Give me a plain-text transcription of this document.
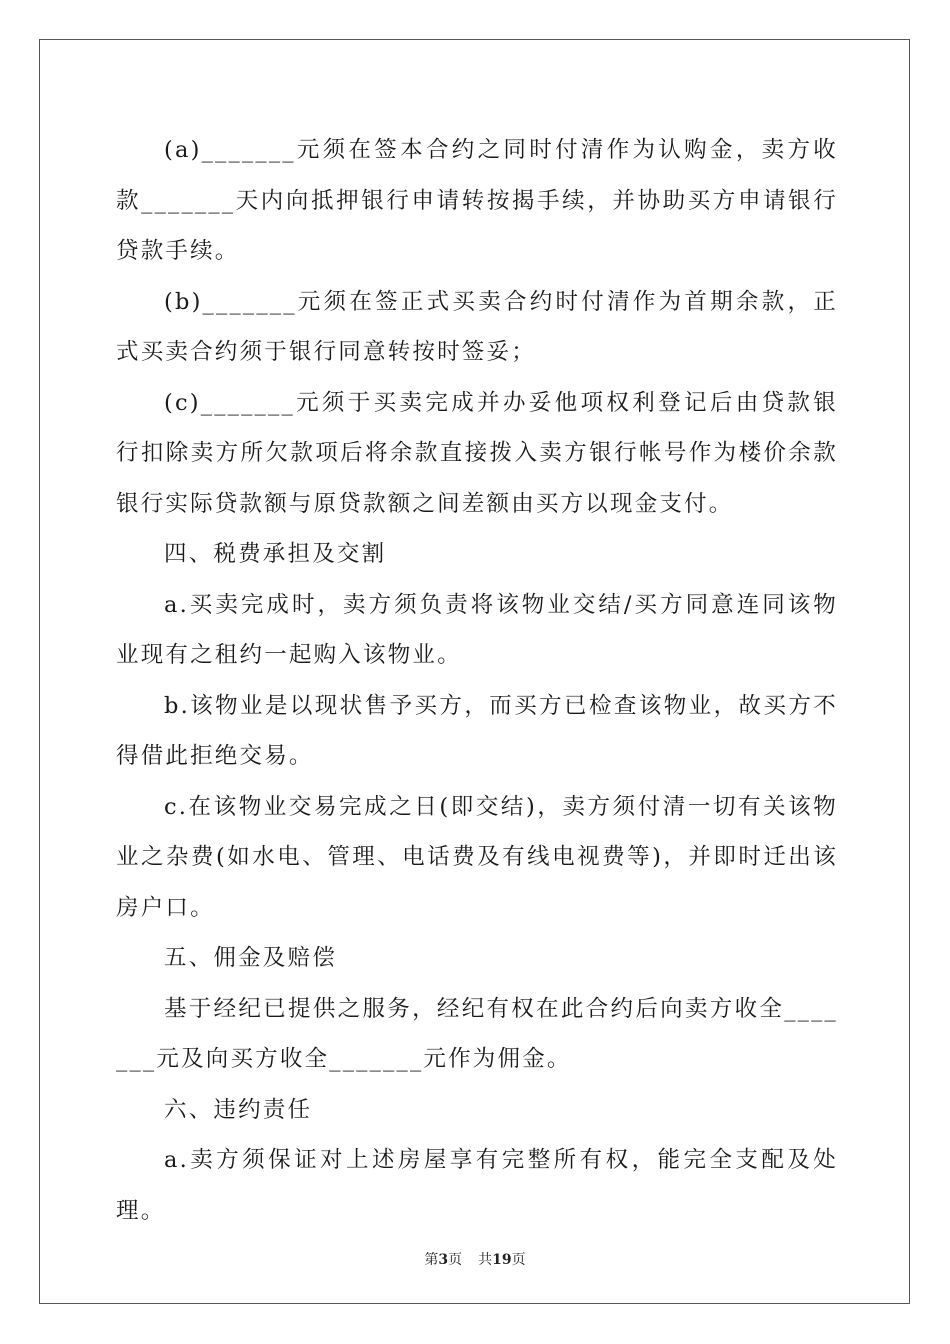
(a)_______元须在签本合约之同时付清作为认购金，卖方收款_______天内向抵押银行申请转按揭手续，并协助买方申请银行贷款手续。

(b)_______元须在签正式买卖合约时付清作为首期余款，正式买卖合约须于银行同意转按时签妥；

(c)_______元须于买卖完成并办妥他项权利登记后由贷款银行扣除卖方所欠款项后将余款直接拨入卖方银行帐号作为楼价余款银行实际贷款额与原贷款额之间差额由买方以现金支付。

四、税费承担及交割

a.买卖完成时，卖方须负责将该物业交结/买方同意连同该物业现有之租约一起购入该物业。

b.该物业是以现状售予买方，而买方已检查该物业，故买方不得借此拒绝交易。

c.在该物业交易完成之日(即交结)，卖方须付清一切有关该物业之杂费(如水电、管理、电话费及有线电视费等)，并即时迁出该房户口。

五、佣金及赔偿

基于经纪已提供之服务，经纪有权在此合约后向卖方收全_______元及向买方收全_______元作为佣金。

六、违约责任

a.卖方须保证对上述房屋享有完整所有权，能完全支配及处理。

第3页 共19页
